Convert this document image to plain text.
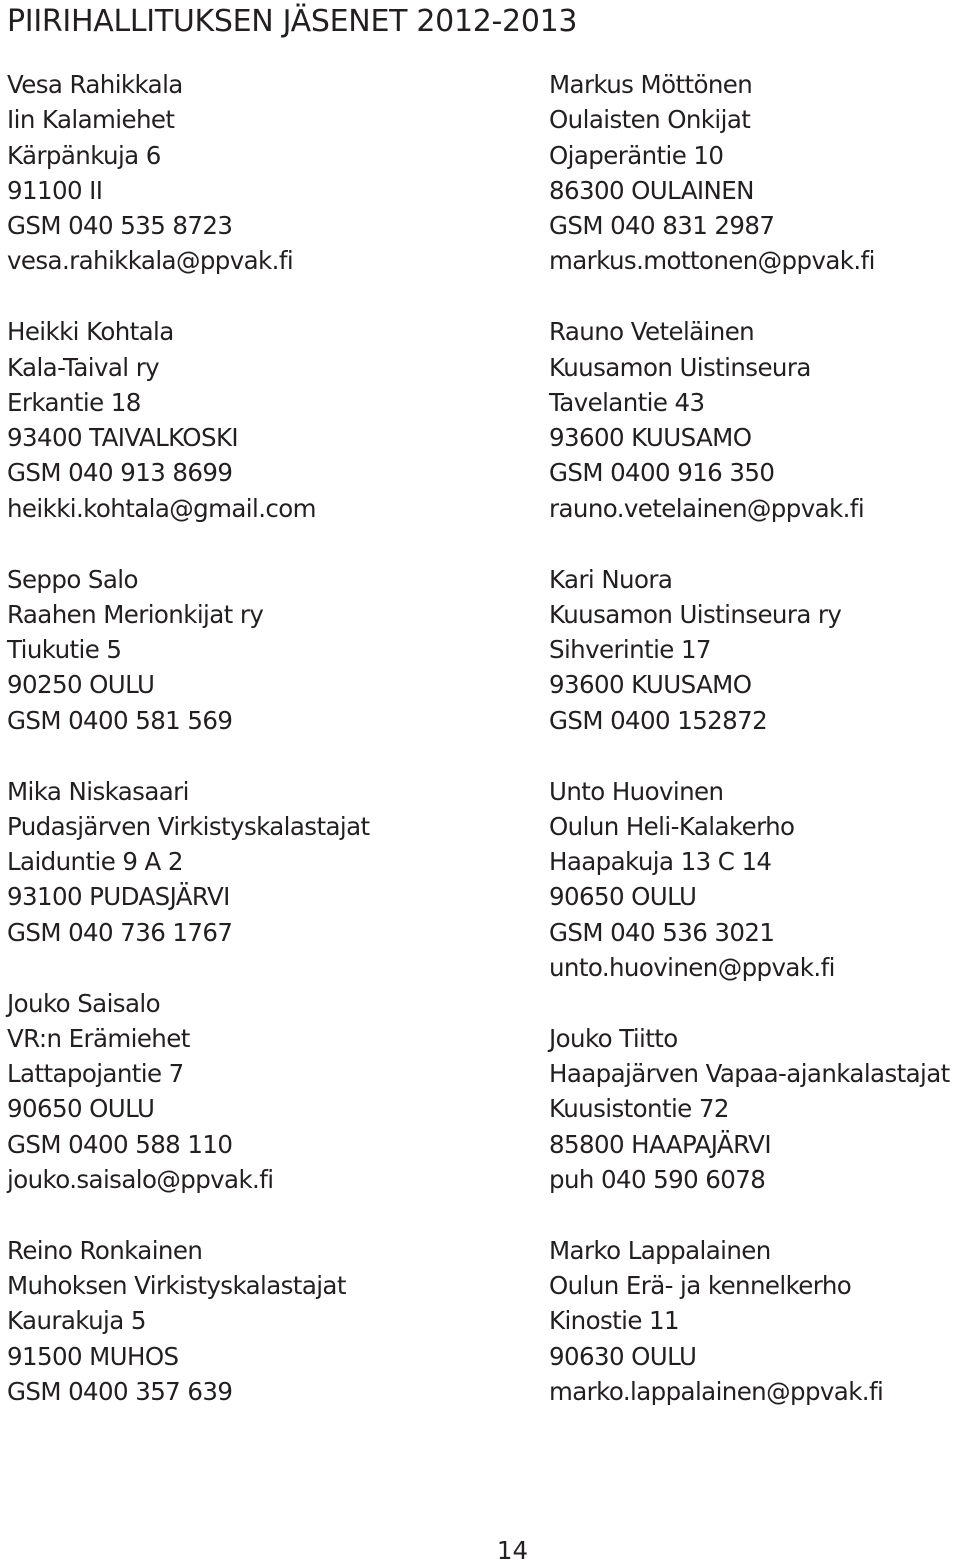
PIIRIHALLITUKSEN JÄSENET 2012-2013
Vesa Rahikkala
Iin Kalamiehet
Kärpänkuja 6
91100 II
GSM 040 535 8723
vesa.rahikkala@ppvak.fi
Heikki Kohtala
Kala-Taival ry
Erkantie 18
93400 TAIVALKOSKI
GSM 040 913 8699
heikki.kohtala@gmail.com
Seppo Salo
Raahen Merionkijat ry
Tiukutie 5
90250 OULU
GSM 0400 581 569
Mika Niskasaari
Pudasjärven Virkistyskalastajat
Laiduntie 9 A 2
93100 PUDASJÄRVI
GSM 040 736 1767
Jouko Saisalo
VR:n Erämiehet
Lattapojantie 7
90650 OULU
GSM 0400 588 110
jouko.saisalo@ppvak.fi
Reino Ronkainen
Muhoksen Virkistyskalastajat
Kaurakuja 5
91500 MUHOS
GSM 0400 357 639
Markus Möttönen
Oulaisten Onkijat
Ojaperäntie 10
86300 OULAINEN
GSM 040 831 2987
markus.mottonen@ppvak.fi
Rauno Veteläinen
Kuusamon Uistinseura
Tavelantie 43
93600 KUUSAMO
GSM 0400 916 350
rauno.vetelainen@ppvak.fi
Kari Nuora
Kuusamon Uistinseura ry
Sihverintie 17
93600 KUUSAMO
GSM 0400 152872
Unto Huovinen
Oulun Heli-Kalakerho
Haapakuja 13 C 14
90650 OULU
GSM 040 536 3021
unto.huovinen@ppvak.fi
Jouko Tiitto
Haapajärven Vapaa-ajankalastajat
Kuusistontie 72
85800 HAAPAJÄRVI
puh 040 590 6078
Marko Lappalainen
Oulun Erä- ja kennelkerho
Kinostie 11
90630 OULU
marko.lappalainen@ppvak.fi
14
